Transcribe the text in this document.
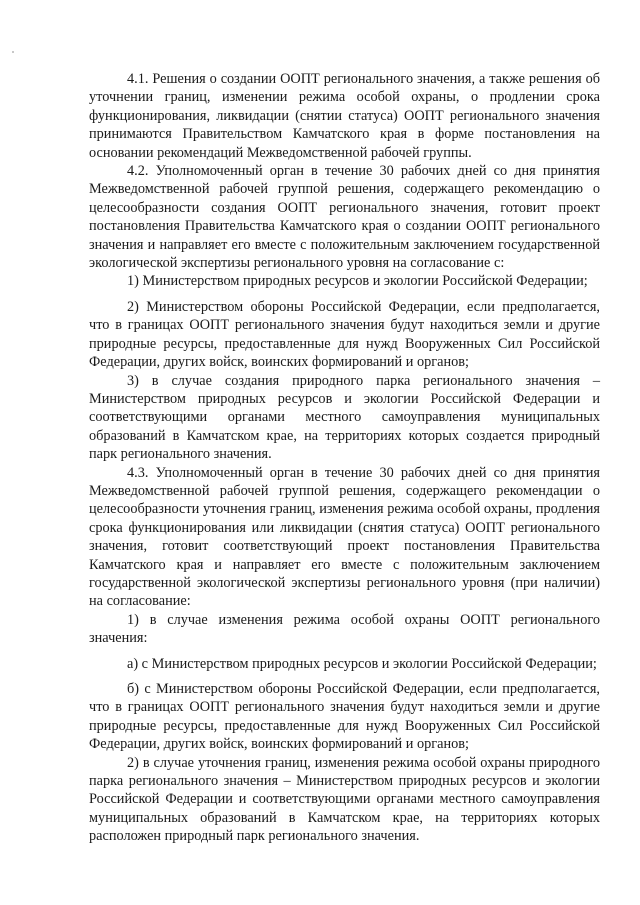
4.1. Решения о создании ООПТ регионального значения, а также решения об уточнении границ, изменении режима особой охраны, о продлении срока функционирования, ликвидации (снятии статуса) ООПТ регионального значения принимаются Правительством Камчатского края в форме постановления на основании рекомендаций Межведомственной рабочей группы.

4.2. Уполномоченный орган в течение 30 рабочих дней со дня принятия Межведомственной рабочей группой решения, содержащего рекомендацию о целесообразности создания ООПТ регионального значения, готовит проект постановления Правительства Камчатского края о создании ООПТ регионального значения и направляет его вместе с положительным заключением государственной экологической экспертизы регионального уровня на согласование с:

1) Министерством природных ресурсов и экологии Российской Федерации;

2) Министерством обороны Российской Федерации, если предполагается, что в границах ООПТ регионального значения будут находиться земли и другие природные ресурсы, предоставленные для нужд Вооруженных Сил Российской Федерации, других войск, воинских формирований и органов;

3) в случае создания природного парка регионального значения – Министерством природных ресурсов и экологии Российской Федерации и соответствующими органами местного самоуправления муниципальных образований в Камчатском крае, на территориях которых создается природный парк регионального значения.

4.3. Уполномоченный орган в течение 30 рабочих дней со дня принятия Межведомственной рабочей группой решения, содержащего рекомендации о целесообразности уточнения границ, изменения режима особой охраны, продления срока функционирования или ликвидации (снятия статуса) ООПТ регионального значения, готовит соответствующий проект постановления Правительства Камчатского края и направляет его вместе с положительным заключением государственной экологической экспертизы регионального уровня (при наличии) на согласование:

1) в случае изменения режима особой охраны ООПТ регионального значения:

а) с Министерством природных ресурсов и экологии Российской Федерации;

б) с Министерством обороны Российской Федерации, если предполагается, что в границах ООПТ регионального значения будут находиться земли и другие природные ресурсы, предоставленные для нужд Вооруженных Сил Российской Федерации, других войск, воинских формирований и органов;

2) в случае уточнения границ, изменения режима особой охраны природного парка регионального значения – Министерством природных ресурсов и экологии Российской Федерации и соответствующими органами местного самоуправления муниципальных образований в Камчатском крае, на территориях которых расположен природный парк регионального значения.
